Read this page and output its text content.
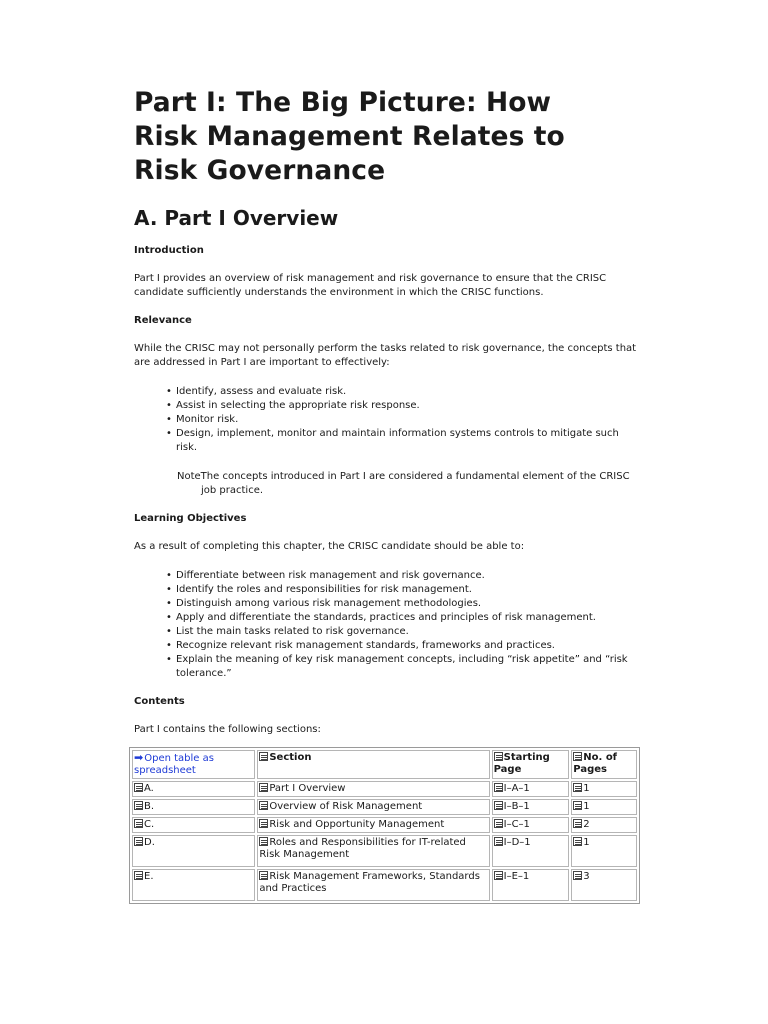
Part I: The Big Picture: How
Risk Management Relates to
Risk Governance
A. Part I Overview
Introduction

Part I provides an overview of risk management and risk governance to ensure that the CRISC candidate sufficiently understands the environment in which the CRISC functions.

Relevance

While the CRISC may not personally perform the tasks related to risk governance, the concepts that are addressed in Part I are important to effectively:

• Identify, assess and evaluate risk.
• Assist in selecting the appropriate risk response.
• Monitor risk.
• Design, implement, monitor and maintain information systems controls to mitigate such risk.
NoteThe concepts introduced in Part I are considered a fundamental element of the CRISC
job practice.
Learning Objectives

As a result of completing this chapter, the CRISC candidate should be able to:

• Differentiate between risk management and risk governance.
• Identify the roles and responsibilities for risk management.
• Distinguish among various risk management methodologies.
• Apply and differentiate the standards, practices and principles of risk management.
• List the main tasks related to risk governance.
• Recognize relevant risk management standards, frameworks and practices.
• Explain the meaning of key risk management concepts, including “risk appetite” and “risk tolerance.”
Contents

Part I contains the following sections:

➡Open table as spreadsheet	Section	Starting Page	No. of Pages
A.	Part I Overview	I–A–1	1
B.	Overview of Risk Management	I–B–1	1
C.	Risk and Opportunity Management	I–C–1	2
D.	Roles and Responsibilities for IT-related Risk Management	I–D–1	1
E.	Risk Management Frameworks, Standards and Practices	I–E–1	3
